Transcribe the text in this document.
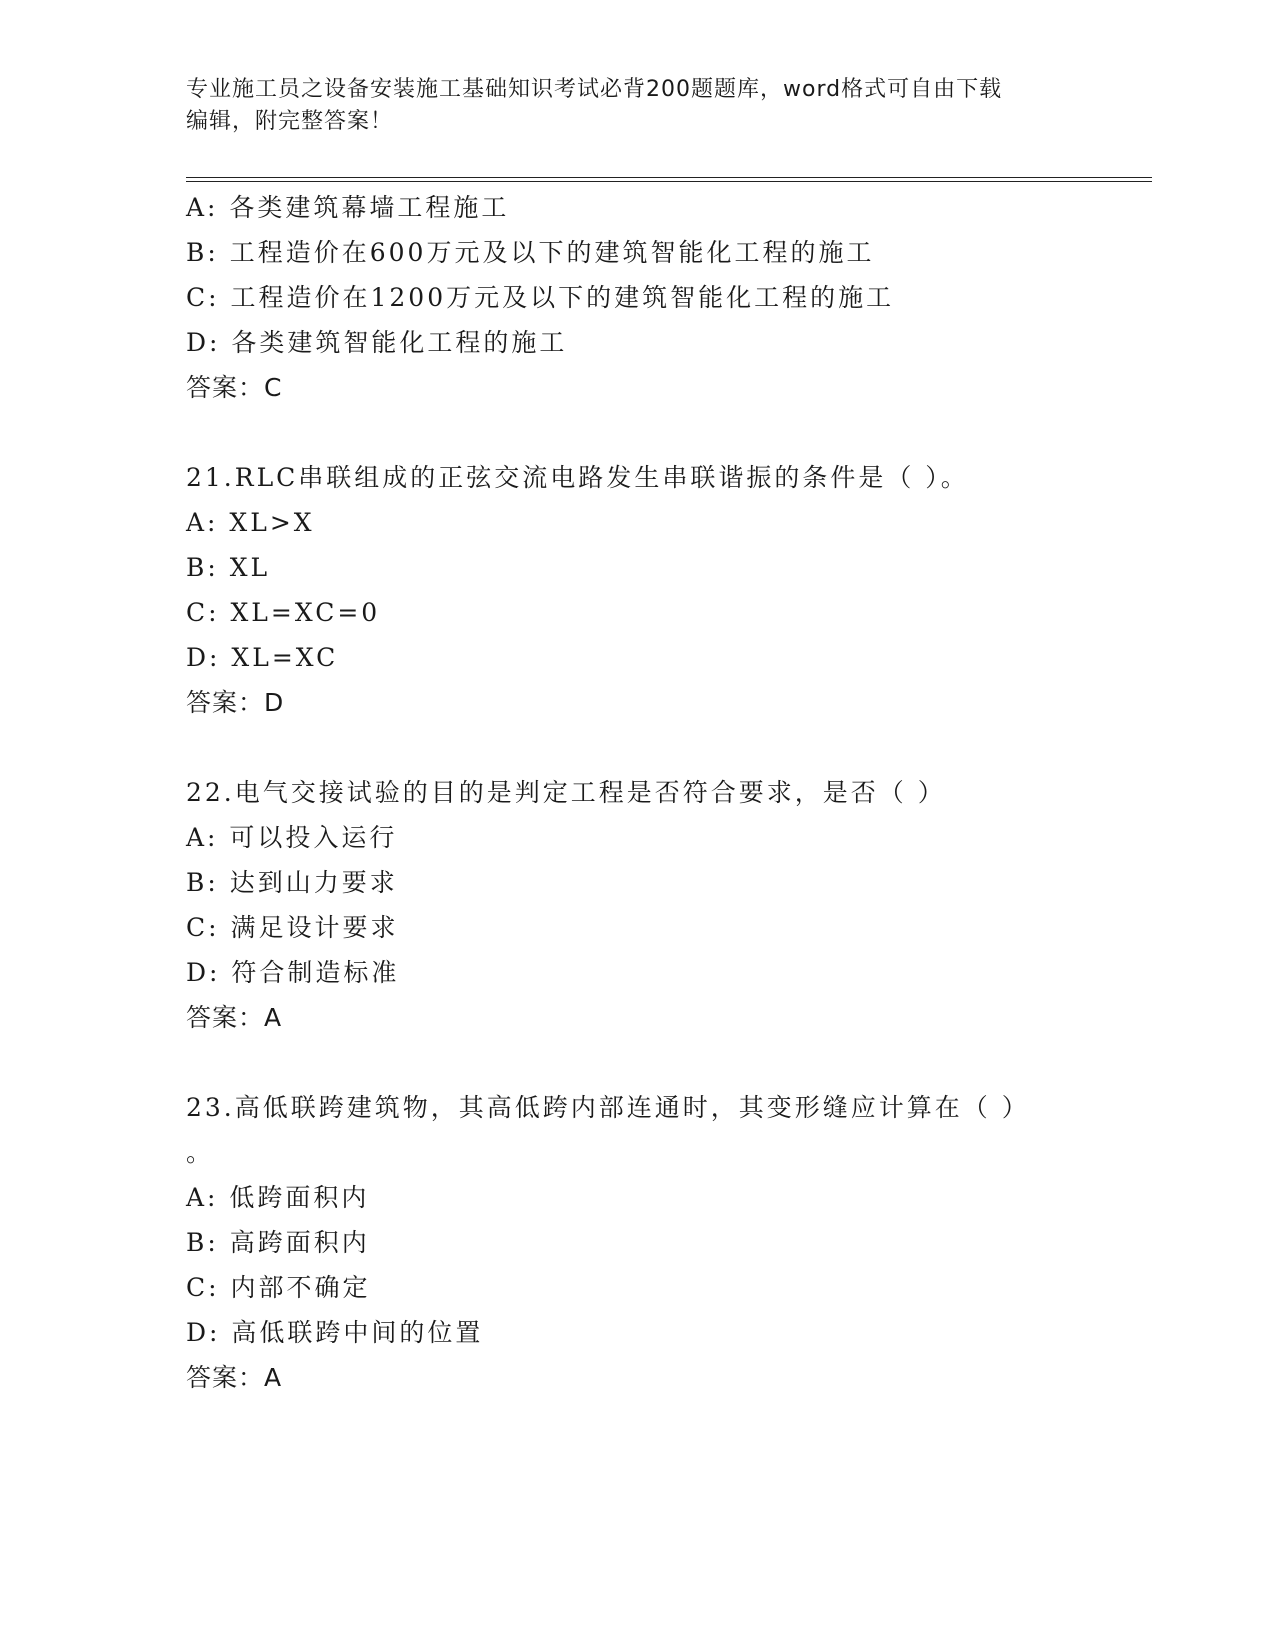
专业施工员之设备安装施工基础知识考试必背200题题库，word格式可自由下载
编辑，附完整答案！
A: 各类建筑幕墙工程施工
B: 工程造价在600万元及以下的建筑智能化工程的施工
C: 工程造价在1200万元及以下的建筑智能化工程的施工
D: 各类建筑智能化工程的施工
答案：C
21.RLC串联组成的正弦交流电路发生串联谐振的条件是（ ）。
A: XL>X
B: XL
C: XL=XC=0
D: XL=XC
答案：D
22.电气交接试验的目的是判定工程是否符合要求，是否（ ）
A: 可以投入运行
B: 达到山力要求
C: 满足设计要求
D: 符合制造标准
答案：A
23.高低联跨建筑物，其高低跨内部连通时，其变形缝应计算在（ ）
。
A: 低跨面积内
B: 高跨面积内
C: 内部不确定
D: 高低联跨中间的位置
答案：A
